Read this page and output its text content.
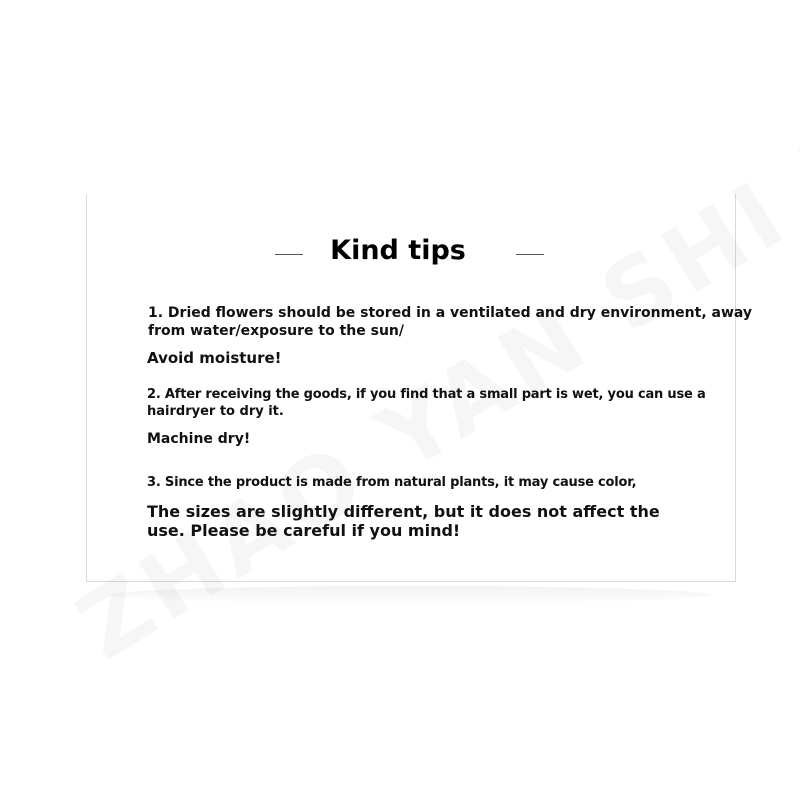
Kind tips
1. Dried flowers should be stored in a ventilated and dry environment, away
from water/exposure to the sun/
Avoid moisture!
2. After receiving the goods, if you find that a small part is wet, you can use a
hairdryer to dry it.
Machine dry!
3. Since the product is made from natural plants, it may cause color,
The sizes are slightly different, but it does not affect the
use. Please be careful if you mind!
